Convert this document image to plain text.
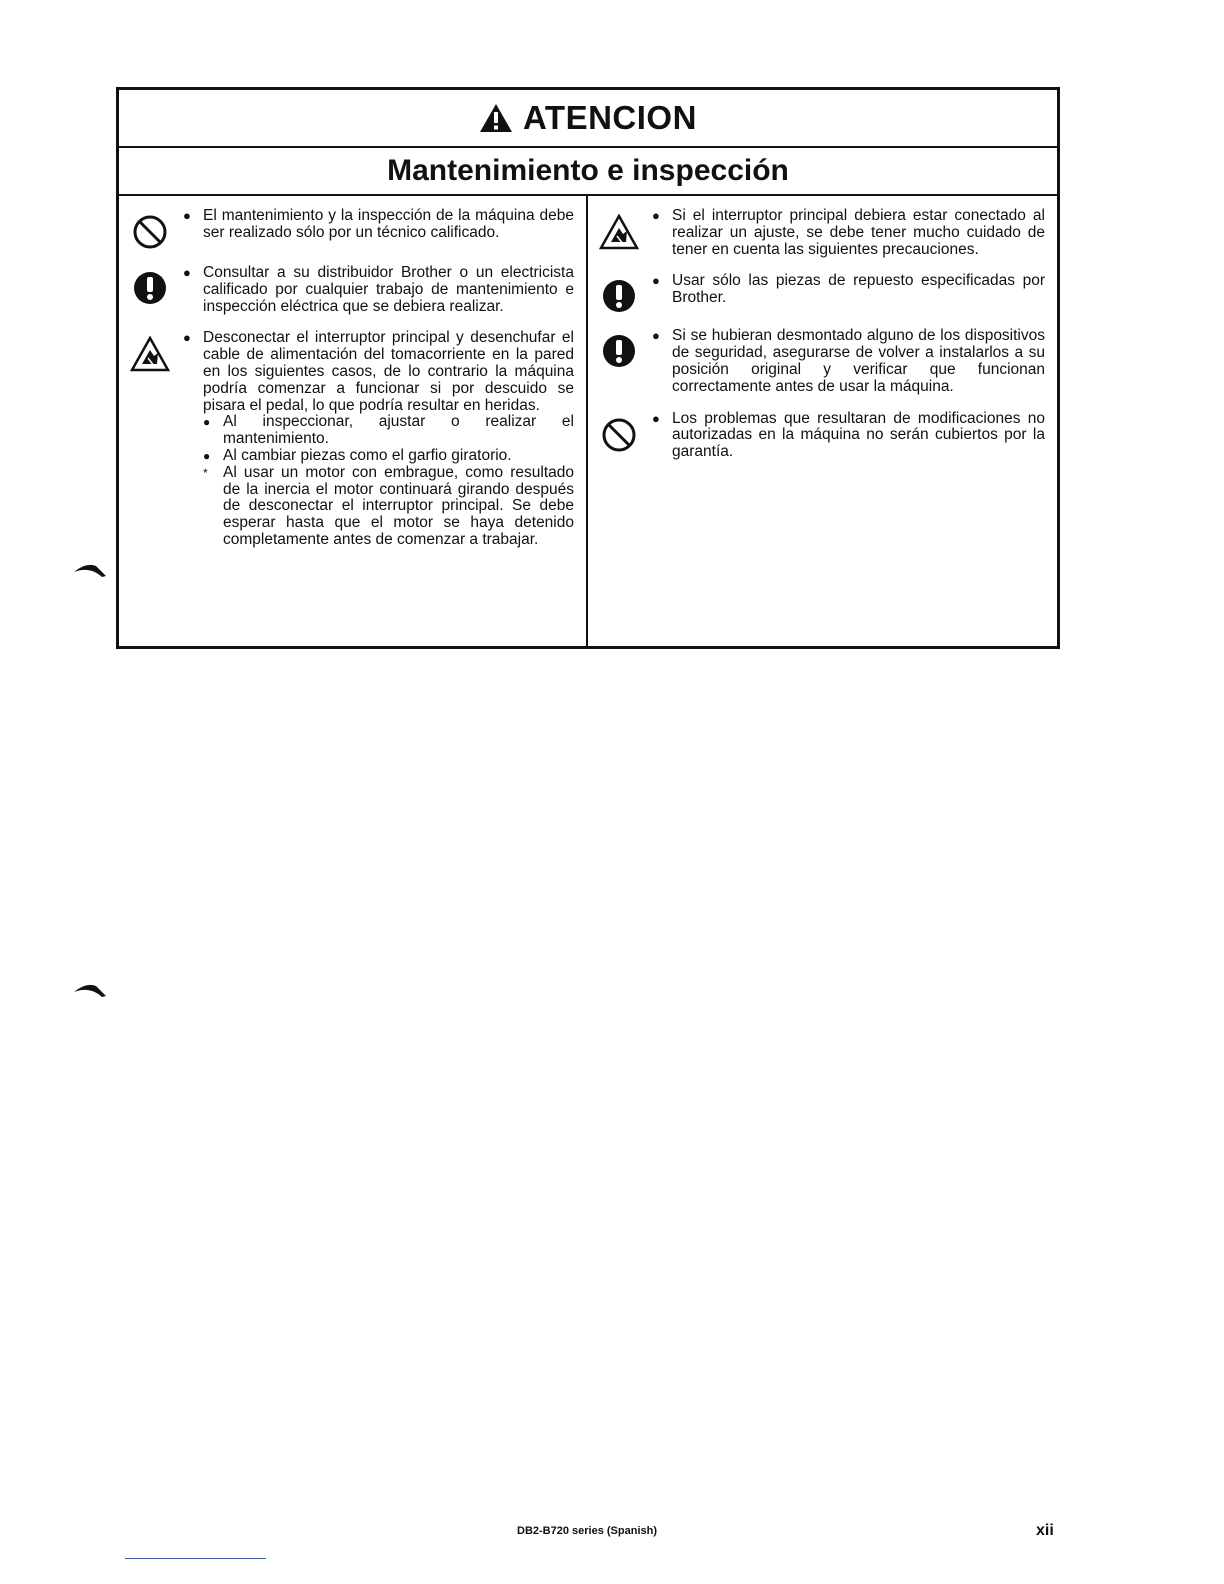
ATENCION
Mantenimiento e inspección
● El mantenimiento y la inspección de la máquina debe ser realizado sólo por un técnico calificado.
● Consultar a su distribuidor Brother o un electricista calificado por cualquier trabajo de mantenimiento e inspección eléctrica que se debiera realizar.
● Desconectar el interruptor principal y desenchufar el cable de alimentación del tomacorriente en la pared en los siguientes casos, de lo contrario la máquina podría comenzar a funcionar si por descuido se pisara el pedal, lo que podría resultar en heridas.
● Al inspeccionar, ajustar o realizar el mantenimiento.
● Al cambiar piezas como el garfio giratorio.
* Al usar un motor con embrague, como resultado de la inercia el motor continuará girando después de desconectar el interruptor principal. Se debe esperar hasta que el motor se haya detenido completamente antes de comenzar a trabajar.
● Si el interruptor principal debiera estar conectado al realizar un ajuste, se debe tener mucho cuidado de tener en cuenta las siguientes precauciones.
● Usar sólo las piezas de repuesto especificadas por Brother.
● Si se hubieran desmontado alguno de los dispositivos de seguridad, asegurarse de volver a instalarlos a su posición original y verificar que funcionan correctamente antes de usar la máquina.
● Los problemas que resultaran de modificaciones no autorizadas en la máquina no serán cubiertos por la garantía.
DB2-B720 series (Spanish)	xii
